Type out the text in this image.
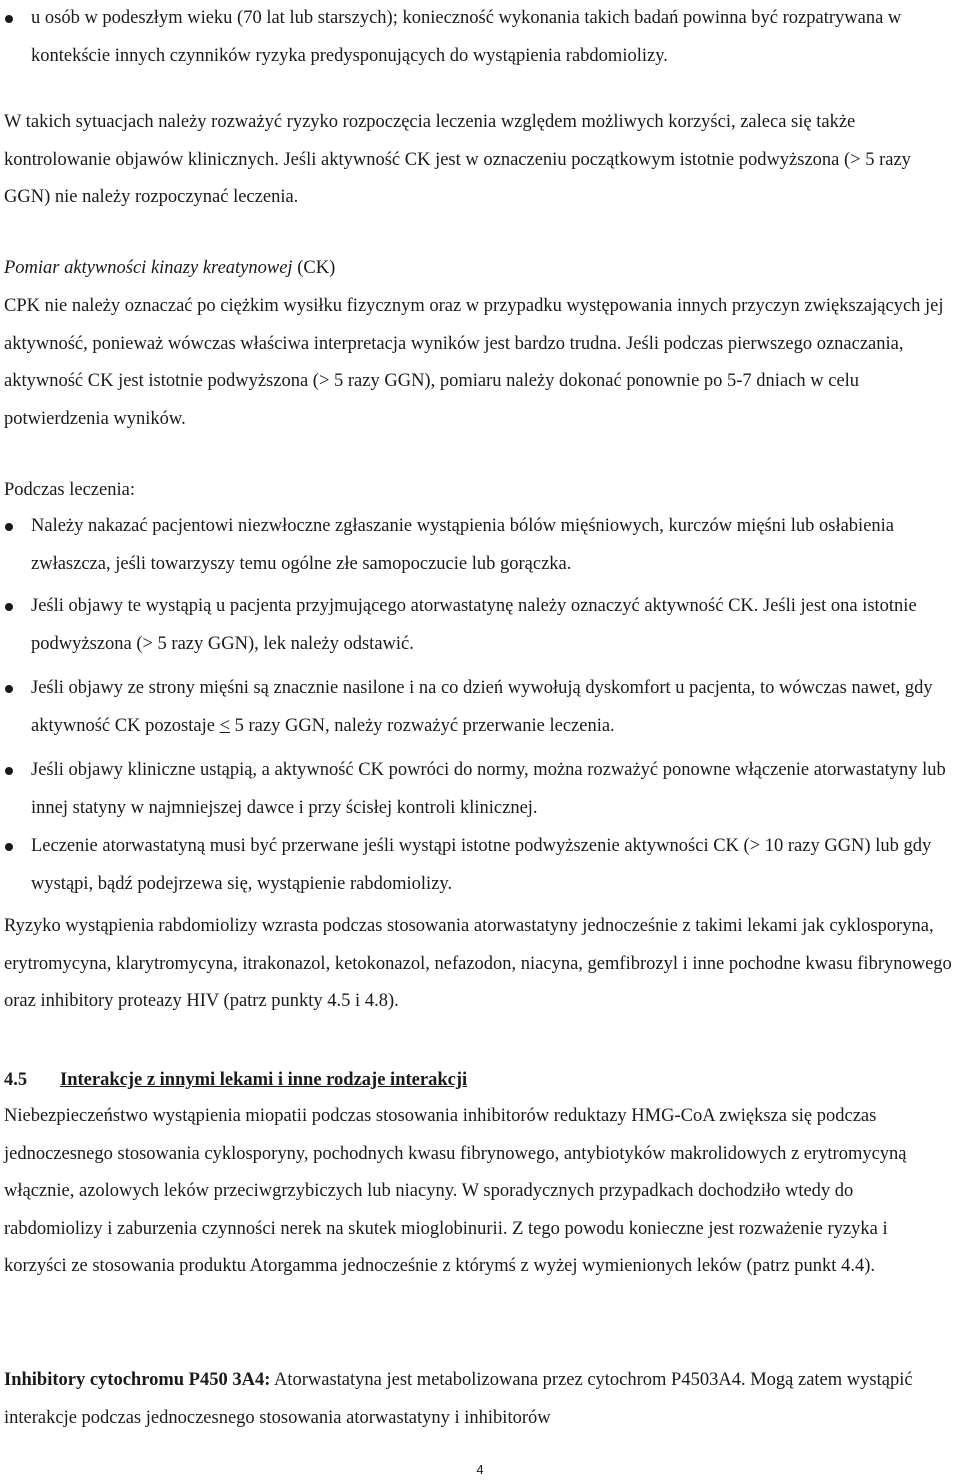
u osób w podeszłym wieku (70 lat lub starszych); konieczność wykonania takich badań powinna być rozpatrywana w kontekście innych czynników ryzyka predysponujących do wystąpienia rabdomiolizy.

W takich sytuacjach należy rozważyć ryzyko rozpoczęcia leczenia względem możliwych korzyści, zaleca się także kontrolowanie objawów klinicznych. Jeśli aktywność CK jest w oznaczeniu początkowym istotnie podwyższona (> 5 razy GGN) nie należy rozpoczynać leczenia.

Pomiar aktywności kinazy kreatynowej (CK)

CPK nie należy oznaczać po ciężkim wysiłku fizycznym oraz w przypadku występowania innych przyczyn zwiększających jej aktywność, ponieważ wówczas właściwa interpretacja wyników jest bardzo trudna. Jeśli podczas pierwszego oznaczania, aktywność CK jest istotnie podwyższona (> 5 razy GGN), pomiaru należy dokonać ponownie po 5-7 dniach w celu potwierdzenia wyników.

Podczas leczenia:

Należy nakazać pacjentowi niezwłoczne zgłaszanie wystąpienia bólów mięśniowych, kurczów mięśni lub osłabienia zwłaszcza, jeśli towarzyszy temu ogólne złe samopoczucie lub gorączka.

Jeśli objawy te wystąpią u pacjenta przyjmującego atorwastatynę należy oznaczyć aktywność CK. Jeśli jest ona istotnie podwyższona (> 5 razy GGN), lek należy odstawić.

Jeśli objawy ze strony mięśni są znacznie nasilone i na co dzień wywołują dyskomfort u pacjenta, to wówczas nawet, gdy aktywność CK pozostaje ≤ 5 razy GGN, należy rozważyć przerwanie leczenia.

Jeśli objawy kliniczne ustąpią, a aktywność CK powróci do normy, można rozważyć ponowne włączenie atorwastatyny lub innej statyny w najmniejszej dawce i przy ścisłej kontroli klinicznej.

Leczenie atorwastatyną musi być przerwane jeśli wystąpi istotne podwyższenie aktywności CK (> 10 razy GGN) lub gdy wystąpi, bądź podejrzewa się, wystąpienie rabdomiolizy.

Ryzyko wystąpienia rabdomiolizy wzrasta podczas stosowania atorwastatyny jednocześnie z takimi lekami jak cyklosporyna, erytromycyna, klarytromycyna, itrakonazol, ketokonazol, nefazodon, niacyna, gemfibrozyl i inne pochodne kwasu fibrynowego oraz inhibitory proteazy HIV (patrz punkty 4.5 i 4.8).

4.5 Interakcje z innymi lekami i inne rodzaje interakcji

Niebezpieczeństwo wystąpienia miopatii podczas stosowania inhibitorów reduktazy HMG-CoA zwiększa się podczas jednoczesnego stosowania cyklosporyny, pochodnych kwasu fibrynowego, antybiotyków makrolidowych z erytromycyną włącznie, azolowych leków przeciwgrzybiczych lub niacyny. W sporadycznych przypadkach dochodziło wtedy do rabdomiolizy i zaburzenia czynności nerek na skutek mioglobinurii. Z tego powodu konieczne jest rozważenie ryzyka i korzyści ze stosowania produktu Atorgamma jednocześnie z którymś z wyżej wymienionych leków (patrz punkt 4.4).

Inhibitory cytochromu P450 3A4: Atorwastatyna jest metabolizowana przez cytochrom P4503A4. Mogą zatem wystąpić interakcje podczas jednoczesnego stosowania atorwastatyny i inhibitorów

4
